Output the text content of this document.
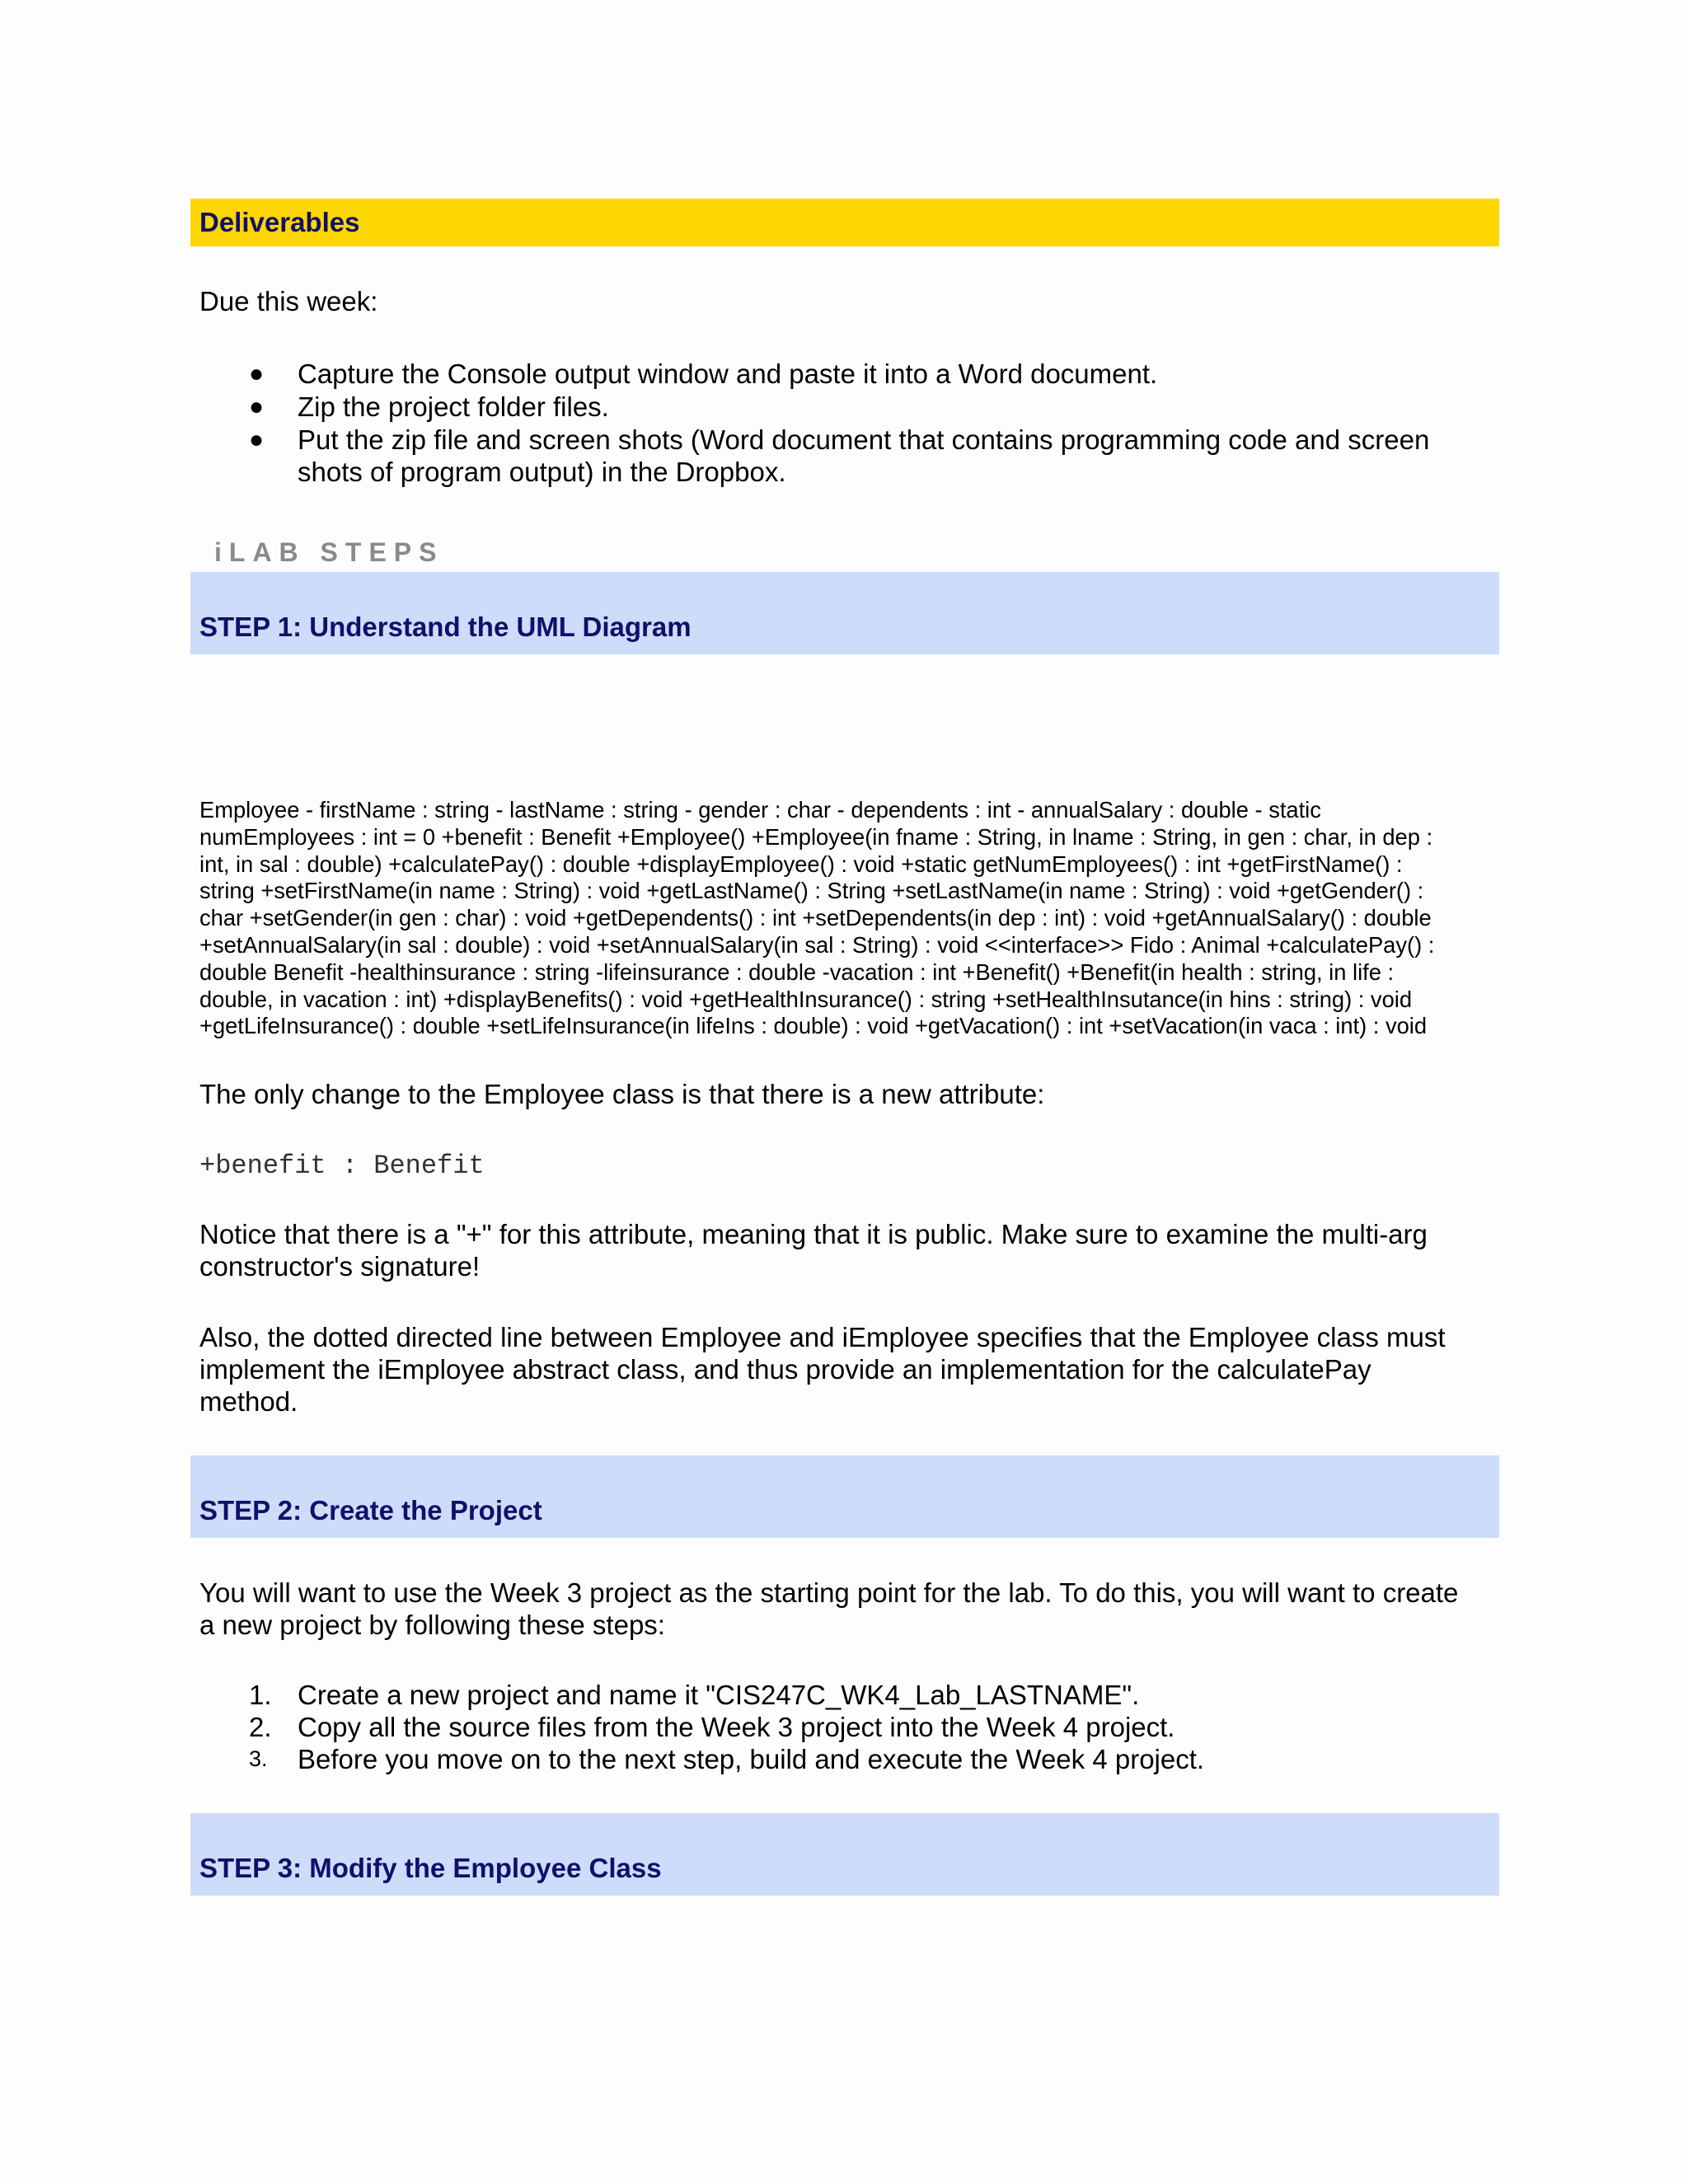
Deliverables
Due this week:
●	Capture the Console output window and paste it into a Word document.
●	Zip the project folder files.
●	Put the zip file and screen shots (Word document that contains programming code and screen
shots of program output) in the Dropbox.
iLAB STEPS
STEP 1: Understand the UML Diagram
Employee - firstName : string - lastName : string - gender : char - dependents : int - annualSalary : double - static
numEmployees : int = 0 +benefit : Benefit +Employee() +Employee(in fname : String, in lname : String, in gen : char, in dep :
int, in sal : double) +calculatePay() : double +displayEmployee() : void +static getNumEmployees() : int +getFirstName() :
string +setFirstName(in name : String) : void +getLastName() : String +setLastName(in name : String) : void +getGender() :
char +setGender(in gen : char) : void +getDependents() : int +setDependents(in dep : int) : void +getAnnualSalary() : double
+setAnnualSalary(in sal : double) : void +setAnnualSalary(in sal : String) : void <<interface>> Fido : Animal +calculatePay() :
double Benefit -healthinsurance : string -lifeinsurance : double -vacation : int +Benefit() +Benefit(in health : string, in life :
double, in vacation : int) +displayBenefits() : void +getHealthInsurance() : string +setHealthInsutance(in hins : string) : void
+getLifeInsurance() : double +setLifeInsurance(in lifeIns : double) : void +getVacation() : int +setVacation(in vaca : int) : void
The only change to the Employee class is that there is a new attribute:
+benefit : Benefit
Notice that there is a "+" for this attribute, meaning that it is public. Make sure to examine the multi-arg
constructor's signature!
Also, the dotted directed line between Employee and iEmployee specifies that the Employee class must
implement the iEmployee abstract class, and thus provide an implementation for the calculatePay
method.
STEP 2: Create the Project
You will want to use the Week 3 project as the starting point for the lab. To do this, you will want to create
a new project by following these steps:
1. Create a new project and name it "CIS247C_WK4_Lab_LASTNAME".
2. Copy all the source files from the Week 3 project into the Week 4 project.
3.	Before you move on to the next step, build and execute the Week 4 project.
STEP 3: Modify the Employee Class
